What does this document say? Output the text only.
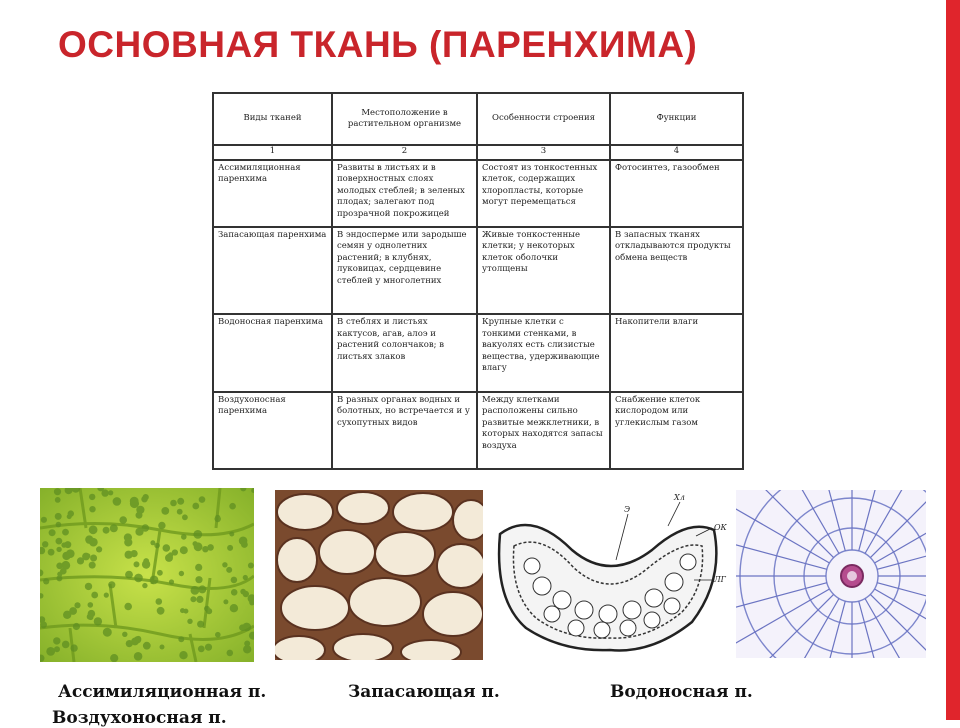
ОСНОВНАЯ ТКАНЬ (ПАРЕНХИМА)
Виды тканей	Местоположение в растительном организме	Особенности строения	Функции
1	2	3	4
Ассимиляционная паренхима	Развиты в листьях и в поверхностных слоях молодых стеблей; в зеленых плодах; залегают под прозрачной покрожицей	Состоят из тонкостенных клеток, содержащих хлоропласты, которые могут перемещаться	Фотосинтез, газообмен
Запасающая паренхима	В эндосперме или зародыше семян у однолетних растений; в клубнях, луковицах, сердцевине стеблей у многолетних	Живые тонкостенные клетки; у некоторых клеток оболочки утолщены	В запасных тканях откладываются продукты обмена веществ
Водоносная паренхима	В стеблях и листьях кактусов, агав, алоэ и растений солончаков; в листьях злаков	Крупные клетки с тонкими стенками, в вакуолях есть слизистые вещества, удерживающие влагу	Накопители влаги
Воздухоносная паренхима	В разных органах водных и болотных, но встречается и у сухопутных видов	Между клетками расположены сильно развитые межклетники, в которых находятся запасы воздуха	Снабжение клеток кислородом или углекислым газом
Хл
Э
ОК
ЛГ
Ассимиляционная п.	Запасающая п.	Водоносная п.
Воздухоносная п.
